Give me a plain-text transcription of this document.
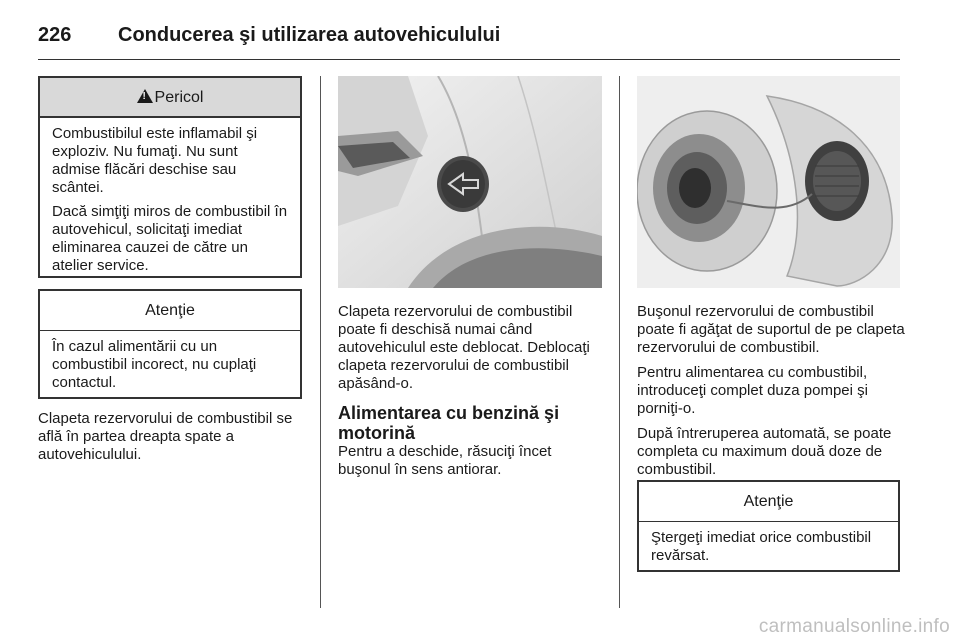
226 Conducerea şi utilizarea autovehiculului
!Pericol

Combustibilul este inflamabil şi exploziv. Nu fumaţi. Nu sunt admise flăcări deschise sau scântei.

Dacă simţiţi miros de combustibil în autovehicul, solicitaţi imediat eliminarea cauzei de către un atelier service.

Atenţie

În cazul alimentării cu un combustibil incorect, nu cuplaţi contactul.

Clapeta rezervorului de combustibil se află în partea dreapta spate a autovehiculului.

Clapeta rezervorului de combustibil poate fi deschisă numai când autovehiculul este deblocat. Deblocaţi clapeta rezervorului de combustibil apăsând-o.

Alimentarea cu benzină şi motorină

Pentru a deschide, răsuciţi încet buşonul în sens antiorar.

Buşonul rezervorului de combustibil poate fi agăţat de suportul de pe clapeta rezervorului de combustibil.

Pentru alimentarea cu combustibil, introduceţi complet duza pompei şi porniţi-o.

După întreruperea automată, se poate completa cu maximum două doze de combustibil.

Atenţie

Ştergeţi imediat orice combustibil revărsat.

carmanualsonline.info
